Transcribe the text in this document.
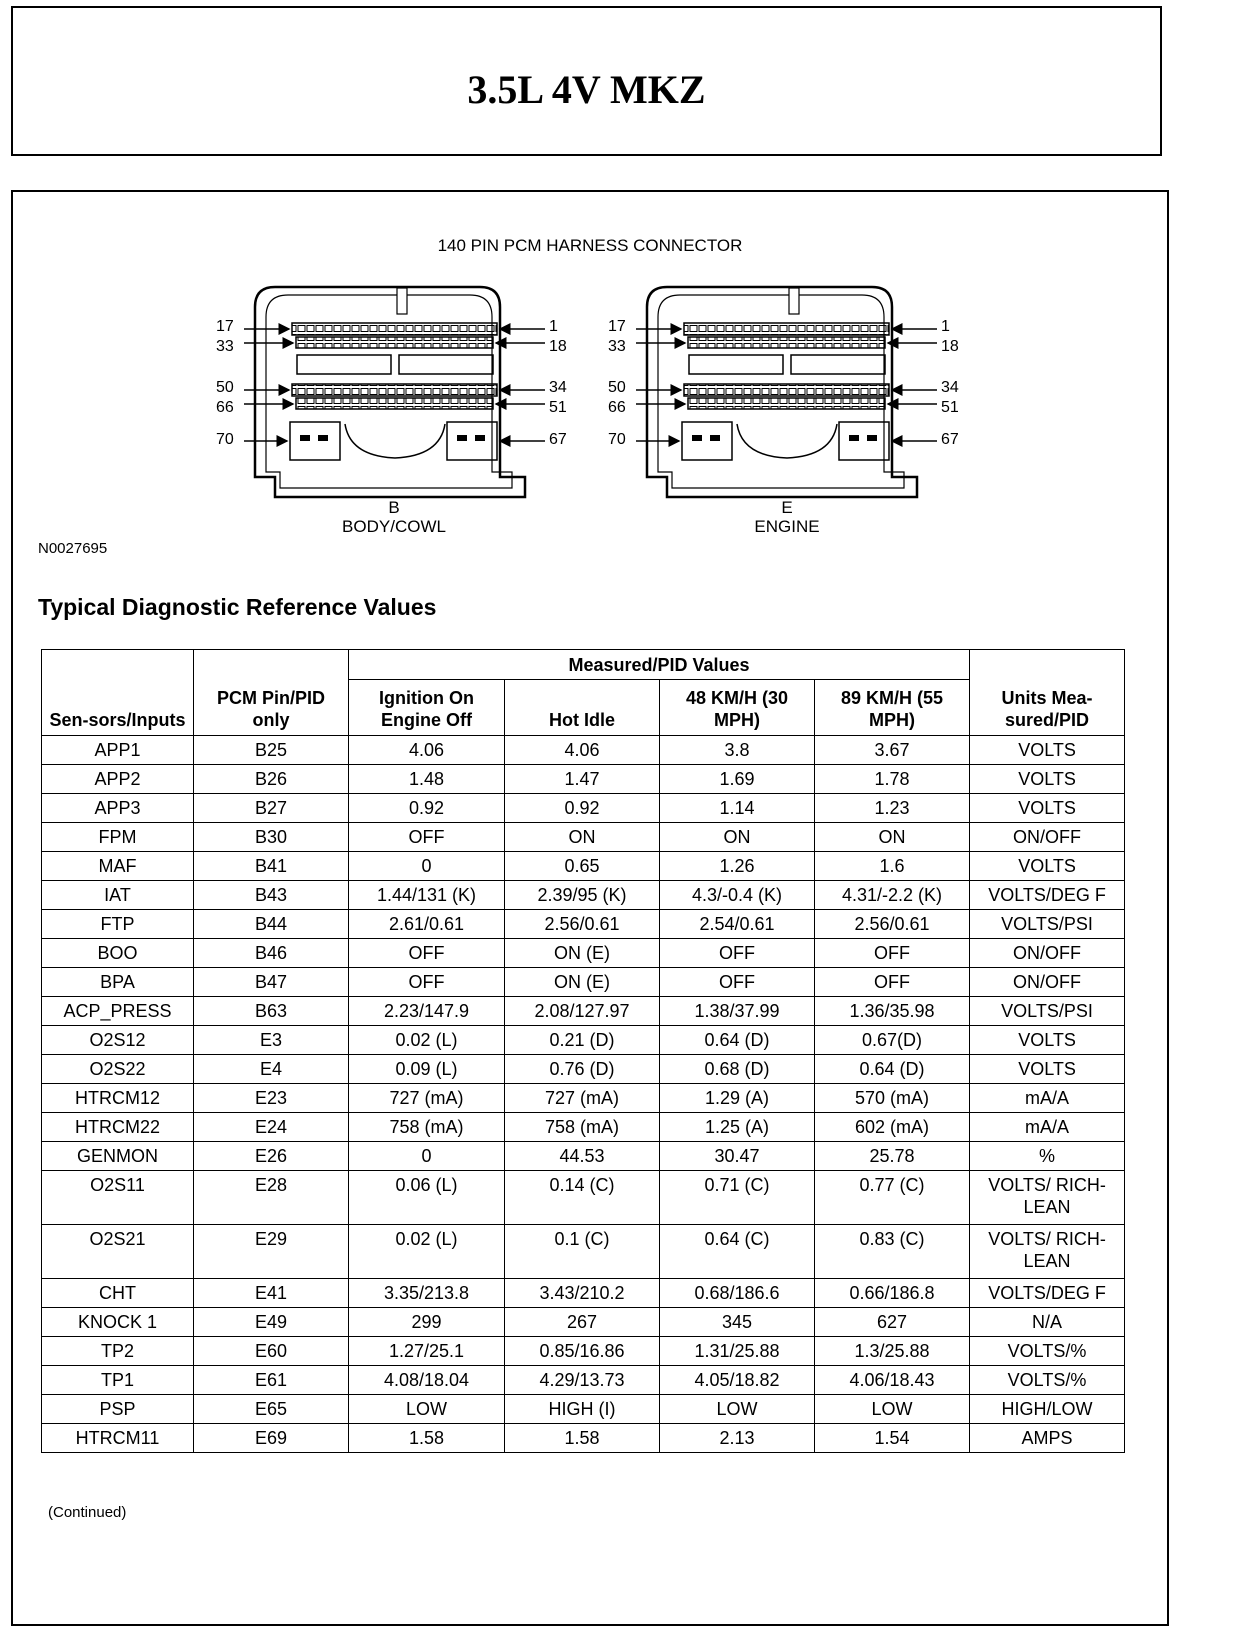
3.5L 4V MKZ
140 PIN PCM HARNESS CONNECTOR
17
33
50
66
70
1
18
34
51
67
17
33
50
66
70
1
18
34
51
67
B
BODY/COWL
E
ENGINE
N0027695
Typical Diagnostic Reference Values
Sen-sors/Inputs	PCM Pin/PID only	Measured/PID Values				Units Mea-sured/PID
		Ignition On Engine Off	Hot Idle	48 KM/H (30 MPH)	89 KM/H (55 MPH)	
APP1	B25	4.06	4.06	3.8	3.67	VOLTS
APP2	B26	1.48	1.47	1.69	1.78	VOLTS
APP3	B27	0.92	0.92	1.14	1.23	VOLTS
FPM	B30	OFF	ON	ON	ON	ON/OFF
MAF	B41	0	0.65	1.26	1.6	VOLTS
IAT	B43	1.44/131 (K)	2.39/95 (K)	4.3/-0.4 (K)	4.31/-2.2 (K)	VOLTS/DEG F
FTP	B44	2.61/0.61	2.56/0.61	2.54/0.61	2.56/0.61	VOLTS/PSI
BOO	B46	OFF	ON (E)	OFF	OFF	ON/OFF
BPA	B47	OFF	ON (E)	OFF	OFF	ON/OFF
ACP_PRESS	B63	2.23/147.9	2.08/127.97	1.38/37.99	1.36/35.98	VOLTS/PSI
O2S12	E3	0.02 (L)	0.21 (D)	0.64 (D)	0.67(D)	VOLTS
O2S22	E4	0.09 (L)	0.76 (D)	0.68 (D)	0.64 (D)	VOLTS
HTRCM12	E23	727 (mA)	727 (mA)	1.29 (A)	570 (mA)	mA/A
HTRCM22	E24	758 (mA)	758 (mA)	1.25 (A)	602 (mA)	mA/A
GENMON	E26	0	44.53	30.47	25.78	%
O2S11	E28	0.06 (L)	0.14 (C)	0.71 (C)	0.77 (C)	VOLTS/ RICH-LEAN
O2S21	E29	0.02 (L)	0.1 (C)	0.64 (C)	0.83 (C)	VOLTS/ RICH-LEAN
CHT	E41	3.35/213.8	3.43/210.2	0.68/186.6	0.66/186.8	VOLTS/DEG F
KNOCK 1	E49	299	267	345	627	N/A
TP2	E60	1.27/25.1	0.85/16.86	1.31/25.88	1.3/25.88	VOLTS/%
TP1	E61	4.08/18.04	4.29/13.73	4.05/18.82	4.06/18.43	VOLTS/%
PSP	E65	LOW	HIGH (I)	LOW	LOW	HIGH/LOW
HTRCM11	E69	1.58	1.58	2.13	1.54	AMPS
(Continued)
